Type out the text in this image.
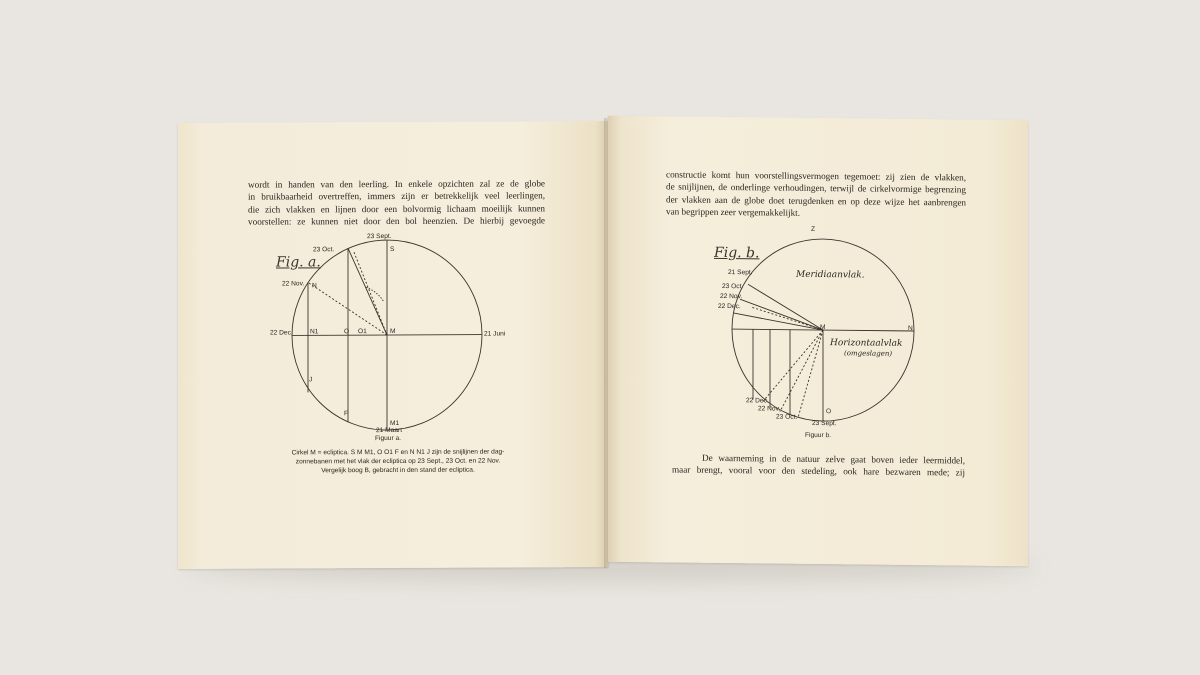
wordt in handen van den leerling. In enkele opzichten zal ze de globe
in bruikbaarheid overtreffen, immers zijn er betrekkelijk veel leerlingen,
die zich vlakken en lijnen door een bolvormig lichaam moeilijk kunnen
voorstellen: ze kunnen niet door den bol heenzien. De hierbij gevoegde
Fig. a.
23 Sept.
23 Oct.
22 Nov.
22 Dec.	21 Juni
21 Maart
S
M
N
N1	O O1
M1
J
F
Figuur a.
Cirkel M = ecliptica. S M M1, O O1 F en N N1 J zijn de snijlijnen der dag-
zonnebanen met het vlak der ecliptica op 23 Sept., 23 Oct. en 22 Nov.
Vergelijk boog B, gebracht in den stand der ecliptica.
constructie komt hun voorstellingsvermogen tegemoet: zij zien de vlakken,
de snijlijnen, de onderlinge verhoudingen, terwijl de cirkelvormige begrenzing
der vlakken aan de globe doet terugdenken en op deze wijze het aanbrengen
van begrippen zeer vergemakkelijkt.
Fig. b.
Z
N
M
O
21 Sept.
23 Oct.
22 Nov.
22 Dec.
22 Dec.
22 Nov.
23 Oct.
23 Sept.
Meridiaanvlak.
Horizontaalvlak
(omgeslagen)
Figuur b.
De waarneming in de natuur zelve gaat boven ieder leermiddel,
maar brengt, vooral voor den stedeling, ook hare bezwaren mede; zij
